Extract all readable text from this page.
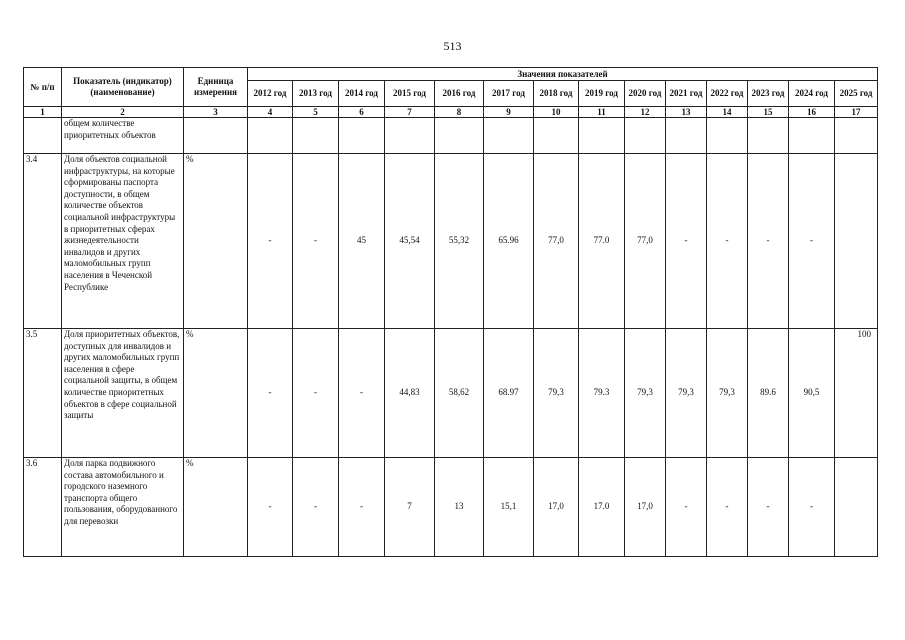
513
№ п/п	Показатель (индикатор) (наименование)	Единица измерения	Значения показателей													
			2012 год	2013 год	2014 год	2015 год	2016 год	2017 год	2018 год	2019 год	2020 год	2021 год	2022 год	2023 год	2024 год	2025 год
1	2	3	4	5	6	7	8	9	10	11	12	13	14	15	16	17
	общем количестве приоритетных объектов															
3.4	Доля объектов социальной инфраструктуры, на которые сформированы паспорта доступности, в общем количестве объектов социальной инфраструктуры в приоритетных сферах жизнедеятельности инвалидов и других маломобильных групп населения в Чеченской Республике	%	-	-	45	45,54	55,32	65.96	77,0	77.0	77,0	-	-	-	-	
3.5	Доля приоритетных объектов, доступных для инвалидов и других маломобильных групп населения в сфере социальной защиты, в общем количестве приоритетных объектов в сфере социальной защиты	%	-	-	-	44,83	58,62	68.97	79,3	79.3	79,3	79,3	79,3	89.6	90,5	100
3.6	Доля парка подвижного состава автомобильного и городского наземного транспорта общего пользования, оборудованного для перевозки	%	-	-	-	7	13	15,1	17,0	17.0	17,0	-	-	-	-	
